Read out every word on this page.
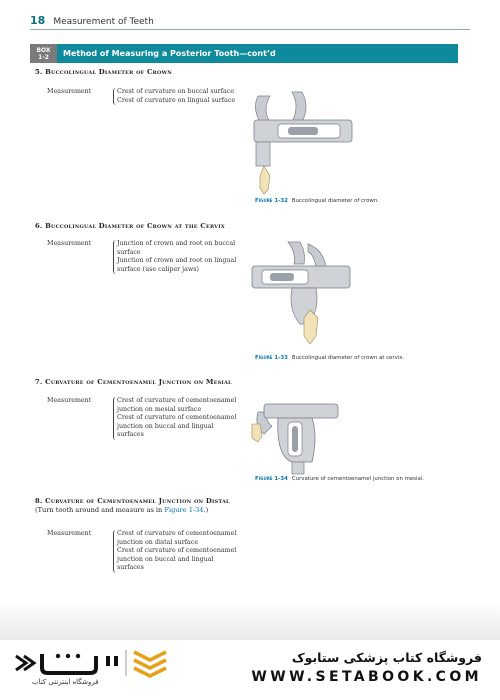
18 Measurement of Teeth
BOX
1-2	Method of Measuring a Posterior Tooth—cont’d
5. Buccolingual Diameter of Crown
Measurement	Crest of curvature on buccal surface
Crest of curvature on lingual surface
Figure 1-32 Buccolingual diameter of crown.
6. Buccolingual Diameter of Crown at the Cervix
Measurement	Junction of crown and root on buccal
surface
Junction of crown and root on lingual
surface (use caliper jaws)
Figure 1-33 Buccolingual diameter of crown at cervix.
7. Curvature of Cementoenamel Junction on Mesial
Measurement	Crest of curvature of cementoenamel
junction on mesial surface
Crest of curvature of cementoenamel
junction on buccal and lingual surfaces
Figure 1-34 Curvature of cementoenamel junction on mesial.
8. Curvature of Cementoenamel Junction on Distal
(Turn tooth around and measure as in Figure 1-34.)
Measurement	Crest of curvature of cementoenamel
junction on distal surface
Crest of curvature of cementoenamel
junction on buccal and lingual surfaces
فروشگاه اینترنتی کتاب
فروشگاه کتاب پزشکی ستابوک
WWW.SETABOOK.COM
